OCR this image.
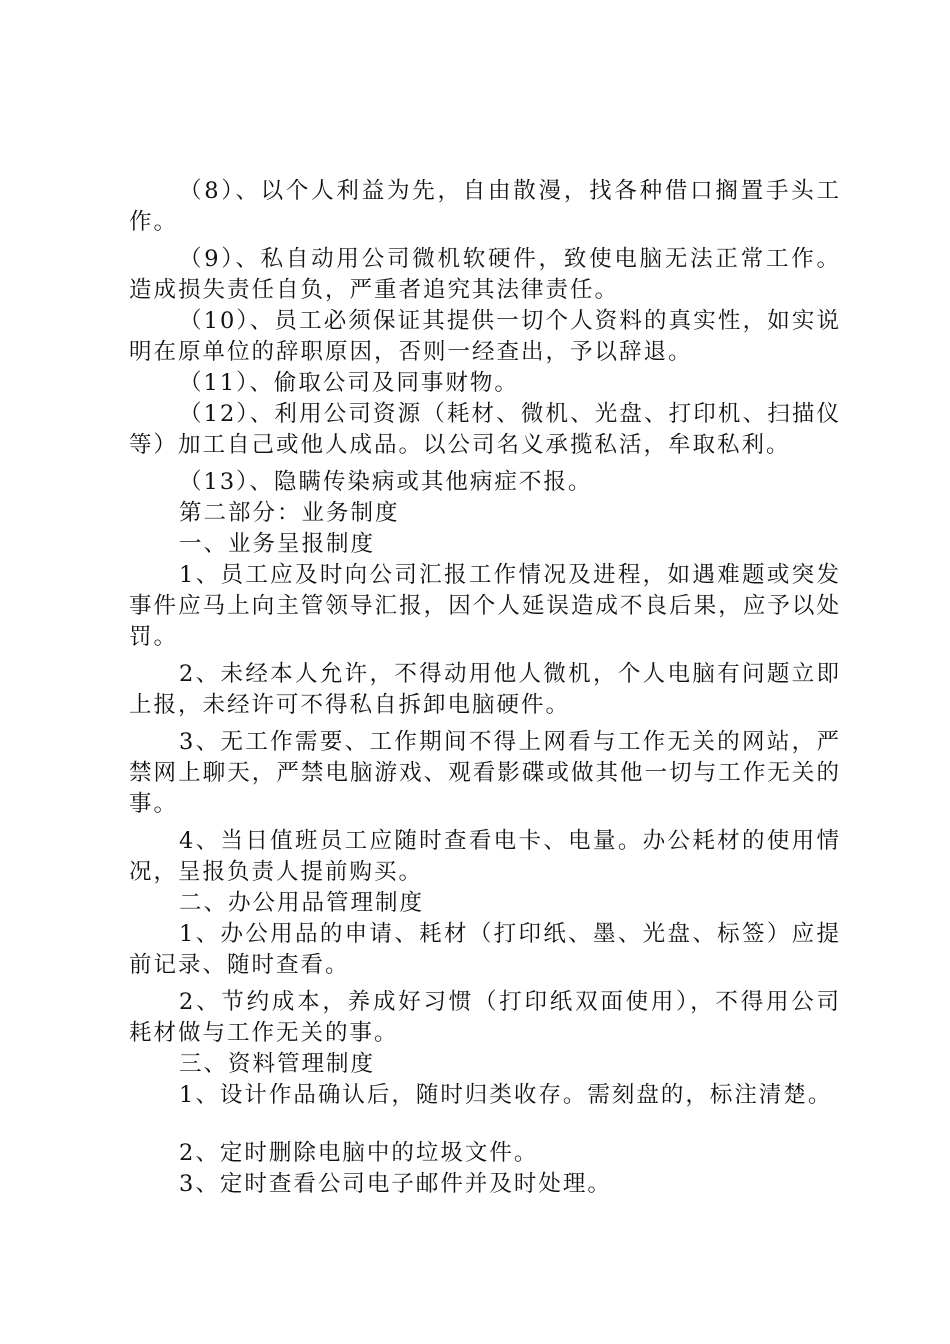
（8）、以个人利益为先，自由散漫，找各种借口搁置手头工作。

（9）、私自动用公司微机软硬件，致使电脑无法正常工作。造成损失责任自负，严重者追究其法律责任。

（10）、员工必须保证其提供一切个人资料的真实性，如实说明在原单位的辞职原因，否则一经查出，予以辞退。

（11）、偷取公司及同事财物。

（12）、利用公司资源（耗材、微机、光盘、打印机、扫描仪等）加工自己或他人成品。以公司名义承揽私活，牟取私利。

（13）、隐瞒传染病或其他病症不报。

第二部分：业务制度

一、业务呈报制度

1、员工应及时向公司汇报工作情况及进程，如遇难题或突发事件应马上向主管领导汇报，因个人延误造成不良后果，应予以处罚。

2、未经本人允许，不得动用他人微机，个人电脑有问题立即上报，未经许可不得私自拆卸电脑硬件。

3、无工作需要、工作期间不得上网看与工作无关的网站，严禁网上聊天，严禁电脑游戏、观看影碟或做其他一切与工作无关的事。

4、当日值班员工应随时查看电卡、电量。办公耗材的使用情况，呈报负责人提前购买。

二、办公用品管理制度

1、办公用品的申请、耗材（打印纸、墨、光盘、标签）应提前记录、随时查看。

2、节约成本，养成好习惯（打印纸双面使用），不得用公司耗材做与工作无关的事。

三、资料管理制度

1、设计作品确认后，随时归类收存。需刻盘的，标注清楚。

2、定时删除电脑中的垃圾文件。

3、定时查看公司电子邮件并及时处理。
